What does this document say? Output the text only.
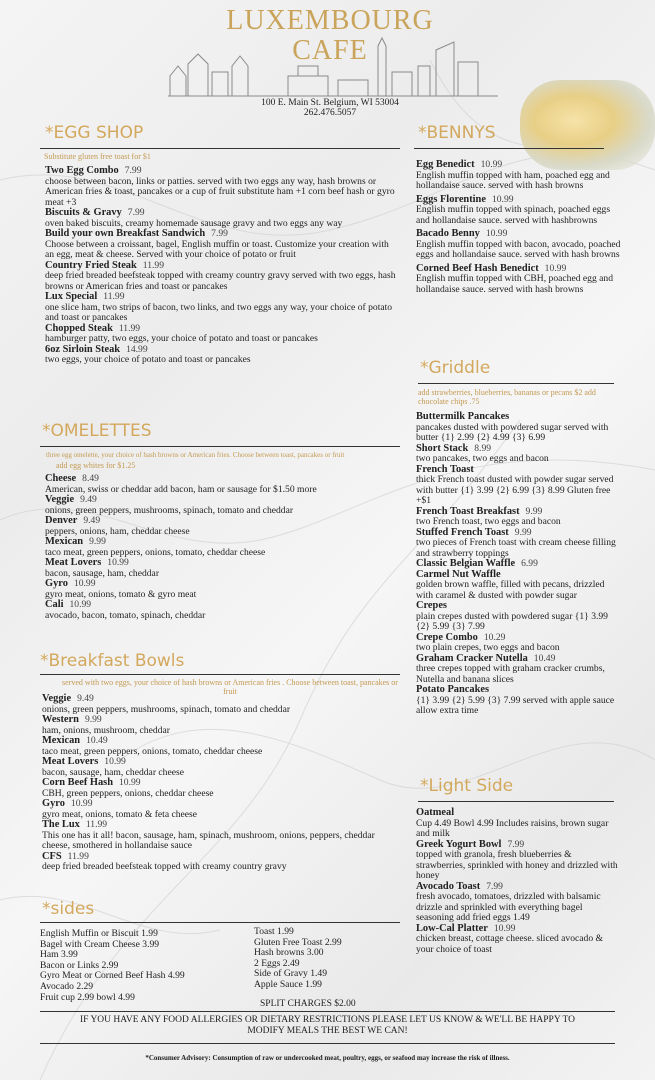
LUXEMBOURG
CAFE
100 E. Main St. Belgium, WI 53004
262.476.5057
*EGG SHOP
Substitute gluten free toast for $1
Two Egg Combo 7.99
choose between bacon, links or patties. served with two eggs any way, hash browns or American fries & toast, pancakes or a cup of fruit substitute ham +1 corn beef hash or gyro meat +3
Biscuits & Gravy 7.99
oven baked biscuits, creamy homemade sausage gravy and two eggs any way
Build your own Breakfast Sandwich 7.99
Choose between a croissant, bagel, English muffin or toast. Customize your creation with an egg, meat & cheese. Served with your choice of potato or fruit
Country Fried Steak 11.99
deep fried breaded beefsteak topped with creamy country gravy served with two eggs, hash browns or American fries and toast or pancakes
Lux Special 11.99
one slice ham, two strips of bacon, two links, and two eggs any way, your choice of potato and toast or pancakes
Chopped Steak 11.99
hamburger patty, two eggs, your choice of potato and toast or pancakes
6oz Sirloin Steak 14.99
two eggs, your choice of potato and toast or pancakes
*OMELETTES
three egg omelette, your choice of hash browns or American fries. Choose between toast, pancakes or fruit
add egg whites for $1.25
Cheese 8.49
American, swiss or cheddar add bacon, ham or sausage for $1.50 more
Veggie 9.49
onions, green peppers, mushrooms, spinach, tomato and cheddar
Denver 9.49
peppers, onions, ham, cheddar cheese
Mexican 9.99
taco meat, green peppers, onions, tomato, cheddar cheese
Meat Lovers 10.99
bacon, sausage, ham, cheddar
Gyro 10.99
gyro meat, onions, tomato & gyro meat
Cali 10.99
avocado, bacon, tomato, spinach, cheddar
*Breakfast Bowls
served with two eggs, your choice of hash browns or American fries . Choose between toast, pancakes or fruit
Veggie 9.49
onions, green peppers, mushrooms, spinach, tomato and cheddar
Western 9.99
ham, onions, mushroom, cheddar
Mexican 10.49
taco meat, green peppers, onions, tomato, cheddar cheese
Meat Lovers 10.99
bacon, sausage, ham, cheddar cheese
Corn Beef Hash 10.99
CBH, green peppers, onions, cheddar cheese
Gyro 10.99
gyro meat, onions, tomato & feta cheese
The Lux 11.99
This one has it all! bacon, sausage, ham, spinach, mushroom, onions, peppers, cheddar cheese, smothered in hollandaise sauce
CFS 11.99
deep fried breaded beefsteak topped with creamy country gravy
*sides
English Muffin or Biscuit 1.99
Bagel with Cream Cheese 3.99
Ham 3.99
Bacon or Links 2.99
Gyro Meat or Corned Beef Hash 4.99
Avocado 2.29
Fruit cup 2.99 bowl 4.99
Toast 1.99
Gluten Free Toast 2.99
Hash browns 3.00
2 Eggs 2.49
Side of Gravy 1.49
Apple Sauce 1.99
SPLIT CHARGES $2.00
*BENNYS
Egg Benedict 10.99
English muffin topped with ham, poached egg and hollandaise sauce. served with hash browns
Eggs Florentine 10.99
English muffin topped with spinach, poached eggs and hollandaise sauce. served with hashbrowns
Bacado Benny 10.99
English muffin topped with bacon, avocado, poached eggs and hollandaise sauce. served with hash browns
Corned Beef Hash Benedict 10.99
English muffin topped with CBH, poached egg and hollandaise sauce. served with hash browns
*Griddle
add strawberries, blueberries, bananas or pecans $2 add chocolate chips .75
Buttermilk Pancakes
pancakes dusted with powdered sugar served with butter {1} 2.99 {2} 4.99 {3} 6.99
Short Stack 8.99
two pancakes, two eggs and bacon
French Toast
thick French toast dusted with powder sugar served with butter {1} 3.99 {2} 6.99 {3} 8.99 Gluten free +$1
French Toast Breakfast 9.99
two French toast, two eggs and bacon
Stuffed French Toast 9.99
two pieces of French toast with cream cheese filling and strawberry toppings
Classic Belgian Waffle 6.99
Carmel Nut Waffle
golden brown waffle, filled with pecans, drizzled with caramel & dusted with powder sugar
Crepes
plain crepes dusted with powdered sugar {1} 3.99 {2} 5.99 {3} 7.99
Crepe Combo 10.29
two plain crepes, two eggs and bacon
Graham Cracker Nutella 10.49
three crepes topped with graham cracker crumbs, Nutella and banana slices
Potato Pancakes
{1} 3.99 {2} 5.99 {3} 7.99 served with apple sauce allow extra time
*Light Side
Oatmeal
Cup 4.49 Bowl 4.99 Includes raisins, brown sugar and milk
Greek Yogurt Bowl 7.99
topped with granola, fresh blueberries & strawberries, sprinkled with honey and drizzled with honey
Avocado Toast 7.99
fresh avocado, tomatoes, drizzled with balsamic drizzle and sprinkled with everything bagel seasoning add fried eggs 1.49
Low-Cal Platter 10.99
chicken breast, cottage cheese. sliced avocado & your choice of toast
IF YOU HAVE ANY FOOD ALLERGIES OR DIETARY RESTRICTIONS PLEASE LET US KNOW & WE'LL BE HAPPY TO MODIFY MEALS THE BEST WE CAN!
*Consumer Advisory: Consumption of raw or undercooked meat, poultry, eggs, or seafood may increase the risk of illness.
